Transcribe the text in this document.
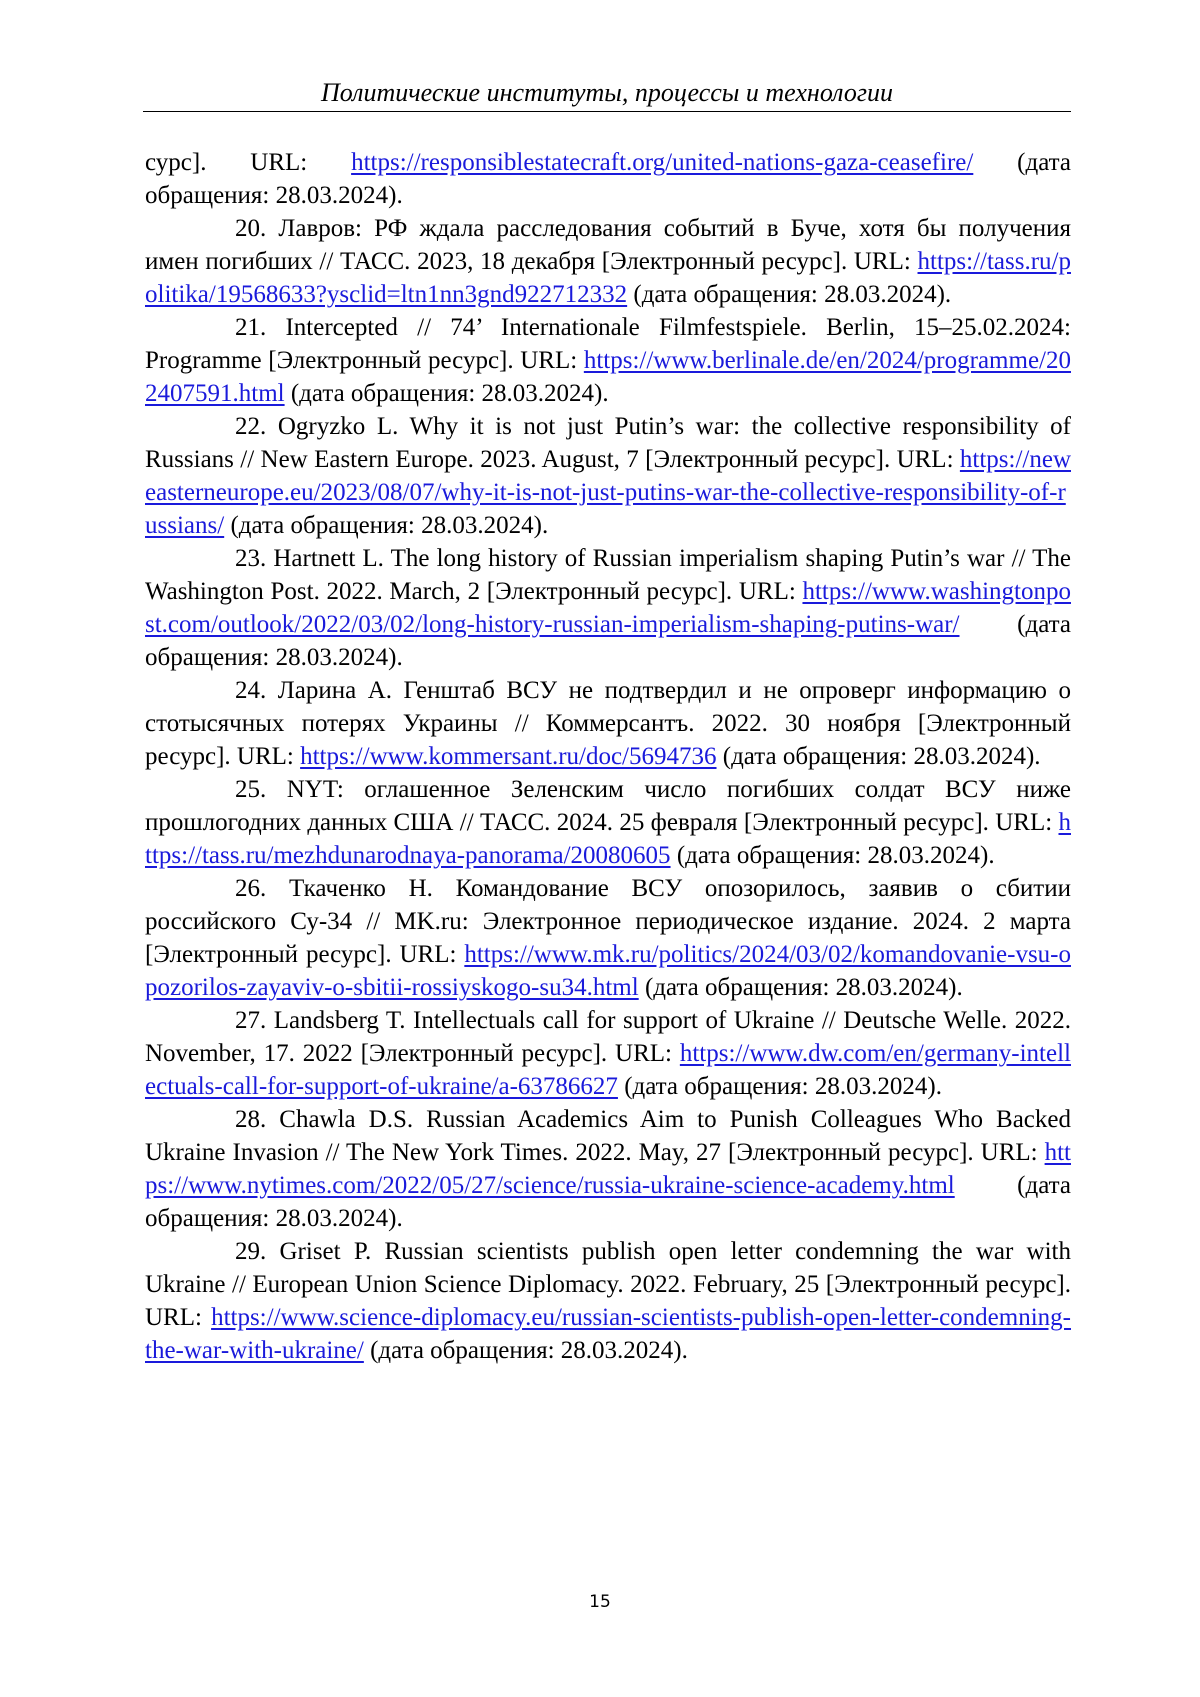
Политические институты, процессы и технологии

сурс]. URL: https://responsiblestatecraft.org/united-nations-gaza-ceasefire/ (дата обращения: 28.03.2024).

20. Лавров: РФ ждала расследования событий в Буче, хотя бы получения имен погибших // ТАСС. 2023, 18 декабря [Электронный ресурс]. URL: https://tass.ru/politika/19568633?ysclid=ltn1nn3gnd922712332 (дата обращения: 28.03.2024).

21. Intercepted // 74’ Internationale Filmfestspiele. Berlin, 15–25.02.2024: Programme [Электронный ресурс]. URL: https://www.berlinale.de/en/2024/programme/202407591.html (дата обращения: 28.03.2024).

22. Ogryzko L. Why it is not just Putin’s war: the collective responsibility of Russians // New Eastern Europe. 2023. August, 7 [Электронный ресурс]. URL: https://neweasterneurope.eu/2023/08/07/why-it-is-not-just-putins-war-the-collective-responsibility-of-russians/ (дата обращения: 28.03.2024).

23. Hartnett L. The long history of Russian imperialism shaping Putin’s war // The Washington Post. 2022. March, 2 [Электронный ресурс]. URL: https://www.washingtonpost.com/outlook/2022/03/02/long-history-russian-imperialism-shaping-putins-war/ (дата обращения: 28.03.2024).

24. Ларина А. Генштаб ВСУ не подтвердил и не опроверг информацию о стотысячных потерях Украины // Коммерсантъ. 2022. 30 ноября [Электронный ресурс]. URL: https://www.kommersant.ru/doc/5694736 (дата обращения: 28.03.2024).

25. NYT: оглашенное Зеленским число погибших солдат ВСУ ниже прошлогодних данных США // ТАСС. 2024. 25 февраля [Электронный ресурс]. URL: https://tass.ru/mezhdunarodnaya-panorama/20080605 (дата обращения: 28.03.2024).

26. Ткаченко Н. Командование ВСУ опозорилось, заявив о сбитии российского Су-34 // MK.ru: Электронное периодическое издание. 2024. 2 марта [Электронный ресурс]. URL: https://www.mk.ru/politics/2024/03/02/komandovanie-vsu-opozorilos-zayaviv-o-sbitii-rossiyskogo-su34.html (дата обращения: 28.03.2024).

27. Landsberg T. Intellectuals call for support of Ukraine // Deutsche Welle. 2022. November, 17. 2022 [Электронный ресурс]. URL: https://www.dw.com/en/germany-intellectuals-call-for-support-of-ukraine/a-63786627 (дата обращения: 28.03.2024).

28. Chawla D.S. Russian Academics Aim to Punish Colleagues Who Backed Ukraine Invasion // The New York Times. 2022. May, 27 [Электронный ресурс]. URL: https://www.nytimes.com/2022/05/27/science/russia-ukraine-science-academy.html (дата обращения: 28.03.2024).

29. Griset P. Russian scientists publish open letter condemning the war with Ukraine // European Union Science Diplomacy. 2022. February, 25 [Электронный ресурс]. URL: https://www.science-diplomacy.eu/russian-scientists-publish-open-letter-condemning-the-war-with-ukraine/ (дата обращения: 28.03.2024).

15
